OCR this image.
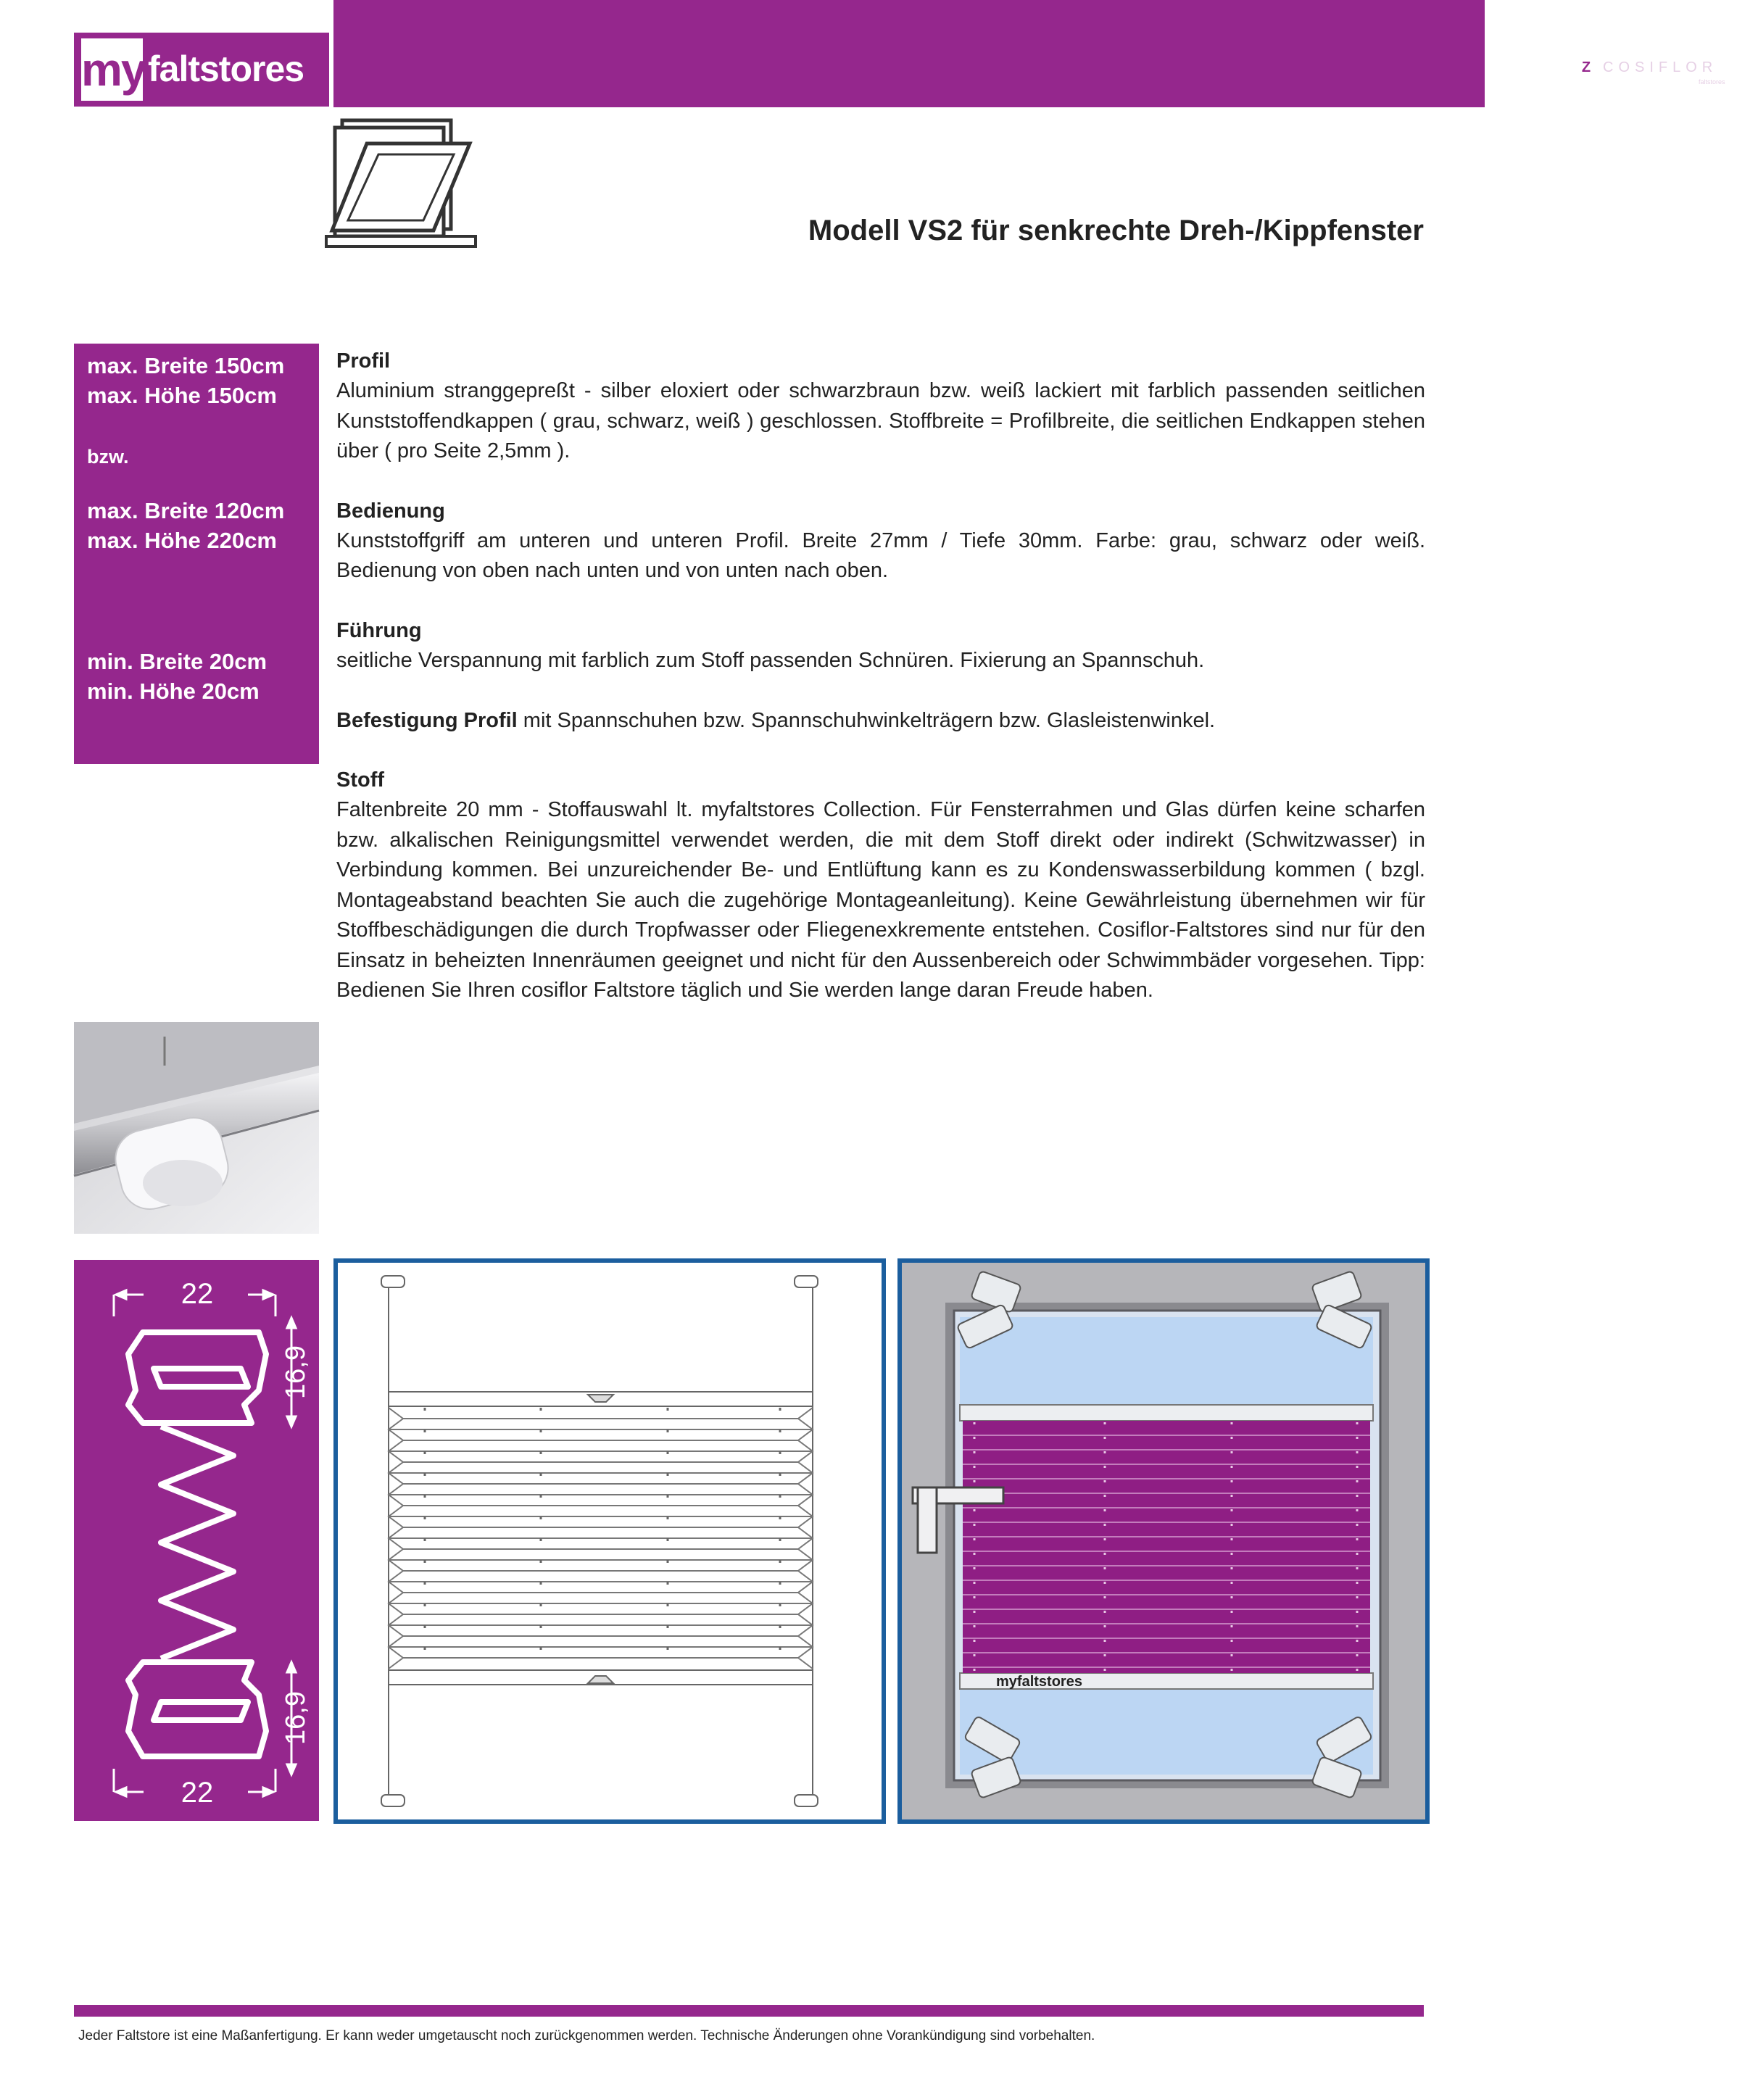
Z COSIFLOR
faltstores
my faltstores
Modell VS2 für senkrechte Dreh-/Kippfenster
max. Breite 150cm
max. Höhe 150cm
bzw.
max. Breite 120cm
max. Höhe 220cm
min. Breite 20cm
min. Höhe 20cm
Profil

Aluminium stranggepreßt - silber eloxiert oder schwarzbraun bzw. weiß lackiert mit farblich passenden seitlichen Kunststoffendkappen ( grau, schwarz, weiß ) geschlossen. Stoffbreite = Profilbreite, die seitlichen Endkappen stehen über ( pro Seite 2,5mm ).

Bedienung

Kunststoffgriff am unteren und unteren Profil. Breite 27mm / Tiefe 30mm. Farbe: grau, schwarz oder weiß. Bedienung von oben nach unten und von unten nach oben.

Führung

seitliche Verspannung mit farblich zum Stoff passenden Schnüren. Fixierung an Spannschuh.

Befestigung Profil mit Spannschuhen bzw. Spannschuhwinkelträgern bzw. Glasleistenwinkel.

Stoff

Faltenbreite 20 mm - Stoffauswahl lt. myfaltstores Collection. Für Fensterrahmen und Glas dürfen keine scharfen bzw. alkalischen Reinigungsmittel verwendet werden, die mit dem Stoff direkt oder indirekt (Schwitzwasser) in Verbindung kommen. Bei unzureichender Be- und Entlüftung kann es zu Kondenswasserbildung kommen ( bzgl. Montageabstand beachten Sie auch die zugehörige Montageanleitung). Keine Gewährleistung übernehmen wir für Stoffbeschädigungen die durch Tropfwasser oder Fliegenexkremente entstehen. Cosiflor-Faltstores sind nur für den Einsatz in beheizten Innenräumen geeignet und nicht für den Aussenbereich oder Schwimmbäder vorgesehen. Tipp: Bedienen Sie Ihren cosiflor Faltstore täglich und Sie werden lange daran Freude haben.

22
16,9
22
16,9
myfaltstores
Jeder Faltstore ist eine Maßanfertigung. Er kann weder umgetauscht noch zurückgenommen werden. Technische Änderungen ohne Vorankündigung sind vorbehalten.
